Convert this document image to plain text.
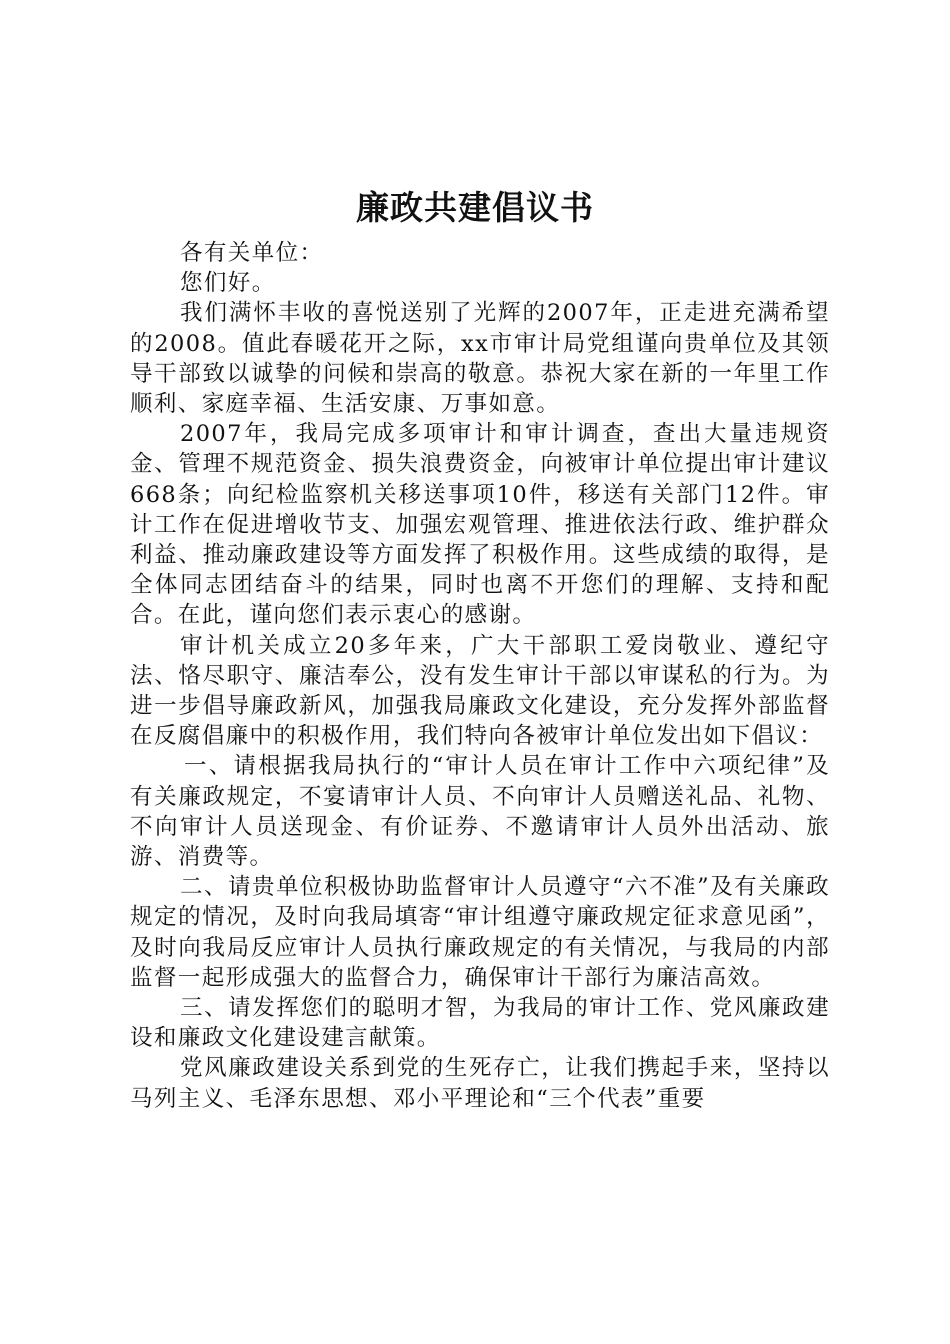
廉政共建倡议书

各有关单位：

您们好。

我们满怀丰收的喜悦送别了光辉的2007年，正走进充满希望的2008。值此春暖花开之际，xx市审计局党组谨向贵单位及其领导干部致以诚挚的问候和崇高的敬意。恭祝大家在新的一年里工作顺利、家庭幸福、生活安康、万事如意。

2007年，我局完成多项审计和审计调查，查出大量违规资金、管理不规范资金、损失浪费资金，向被审计单位提出审计建议668条；向纪检监察机关移送事项10件，移送有关部门12件。审计工作在促进增收节支、加强宏观管理、推进依法行政、维护群众利益、推动廉政建设等方面发挥了积极作用。这些成绩的取得，是全体同志团结奋斗的结果，同时也离不开您们的理解、支持和配合。在此，谨向您们表示衷心的感谢。

审计机关成立20多年来，广大干部职工爱岗敬业、遵纪守法、恪尽职守、廉洁奉公，没有发生审计干部以审谋私的行为。为进一步倡导廉政新风，加强我局廉政文化建设，充分发挥外部监督在反腐倡廉中的积极作用，我们特向各被审计单位发出如下倡议：

一、请根据我局执行的“审计人员在审计工作中六项纪律”及有关廉政规定，不宴请审计人员、不向审计人员赠送礼品、礼物、不向审计人员送现金、有价证券、不邀请审计人员外出活动、旅游、消费等。

二、请贵单位积极协助监督审计人员遵守“六不准”及有关廉政规定的情况，及时向我局填寄“审计组遵守廉政规定征求意见函”，及时向我局反应审计人员执行廉政规定的有关情况，与我局的内部监督一起形成强大的监督合力，确保审计干部行为廉洁高效。

三、请发挥您们的聪明才智，为我局的审计工作、党风廉政建设和廉政文化建设建言献策。

党风廉政建设关系到党的生死存亡，让我们携起手来，坚持以马列主义、毛泽东思想、邓小平理论和“三个代表”重要
